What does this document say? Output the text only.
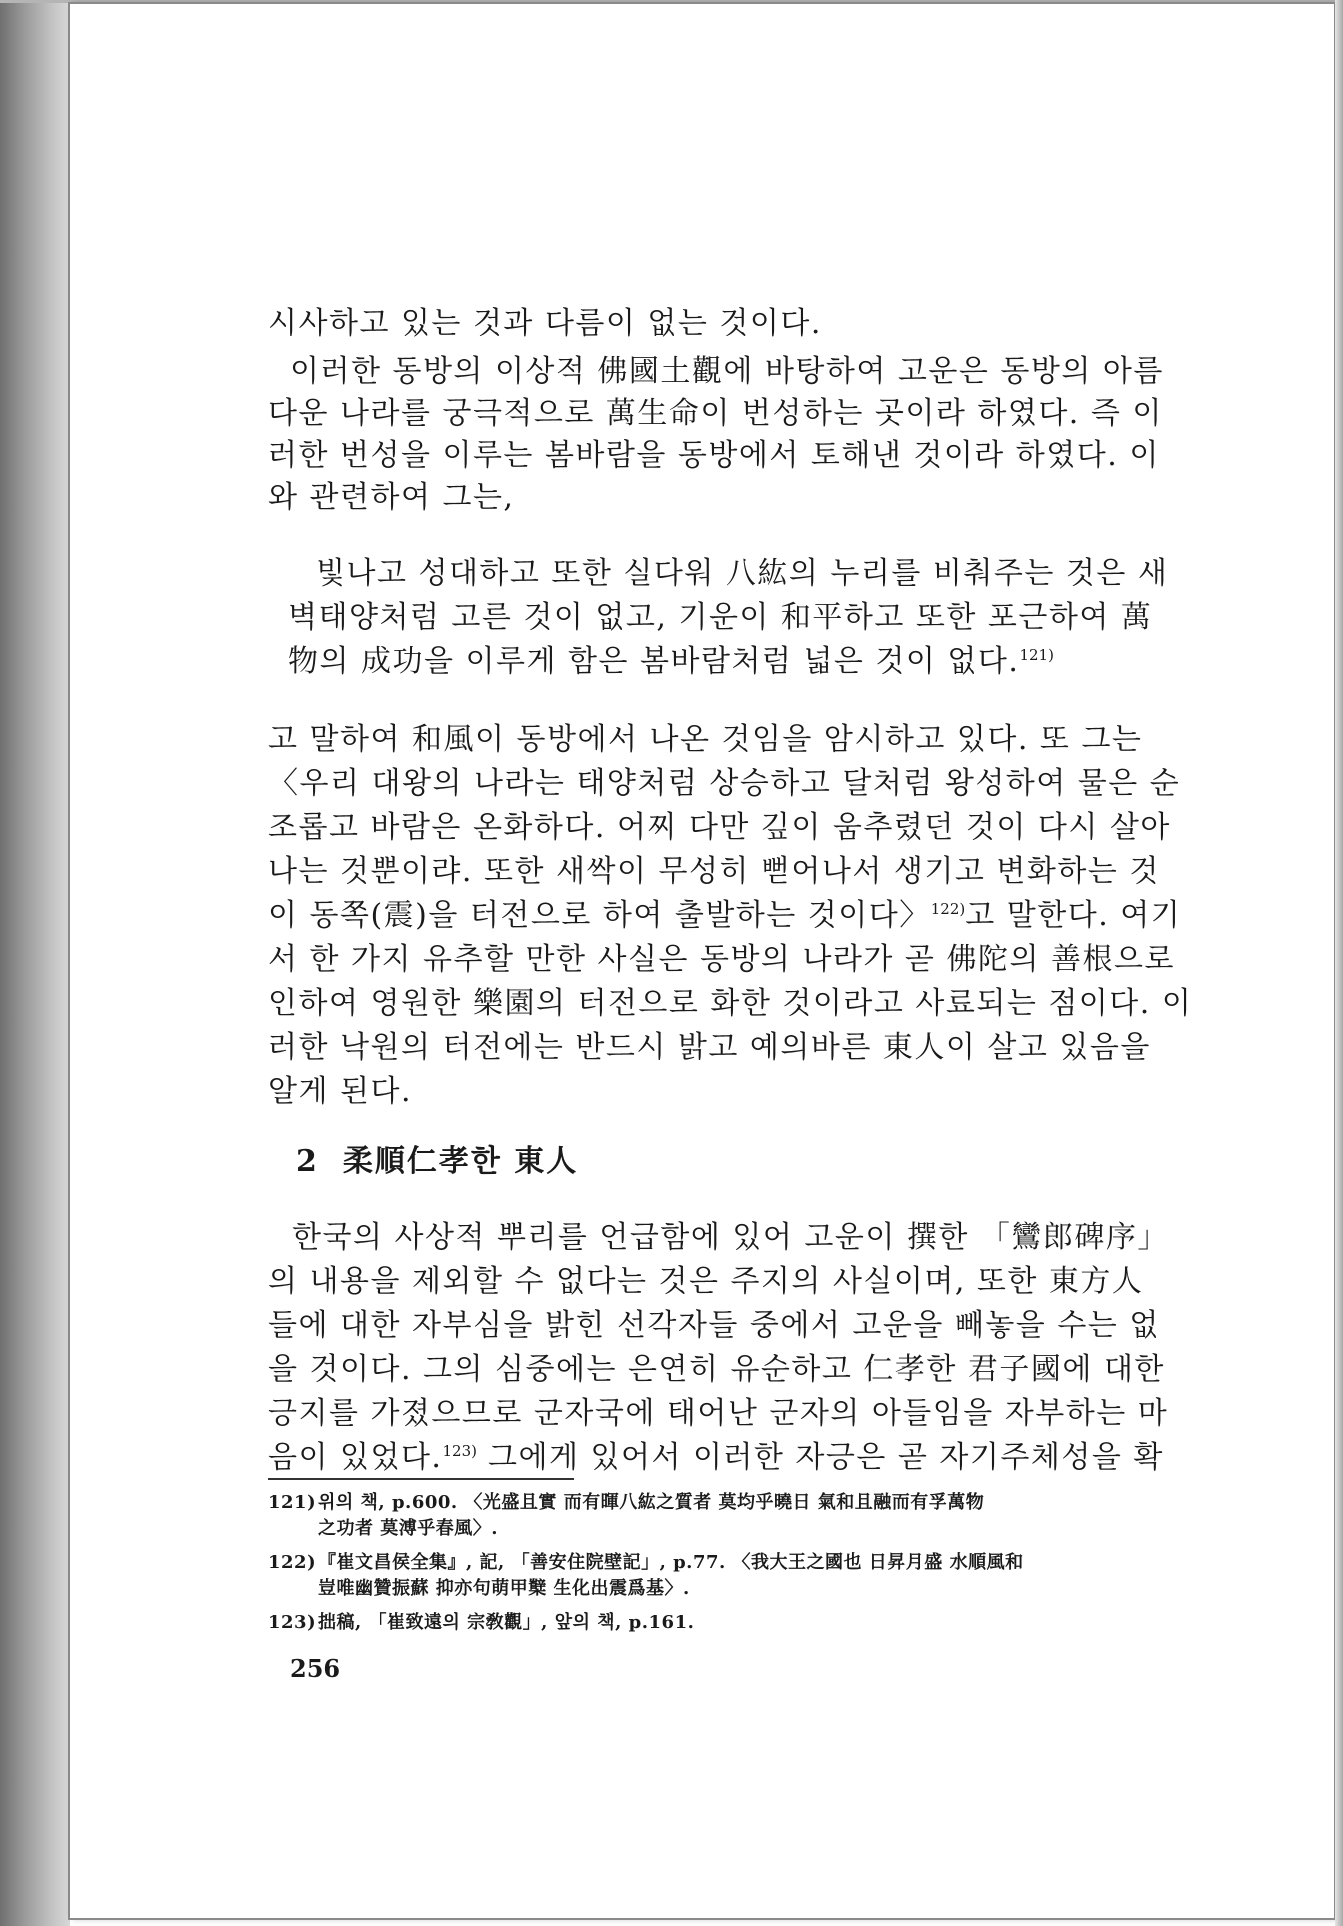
시사하고 있는 것과 다름이 없는 것이다.
이러한 동방의 이상적 佛國土觀에 바탕하여 고운은 동방의 아름
다운 나라를 궁극적으로 萬生命이 번성하는 곳이라 하였다. 즉 이
러한 번성을 이루는 봄바람을 동방에서 토해낸 것이라 하였다. 이
와 관련하여 그는,
빛나고 성대하고 또한 실다워 八紘의 누리를 비춰주는 것은 새
벽태양처럼 고른 것이 없고, 기운이 和平하고 또한 포근하여 萬
物의 成功을 이루게 함은 봄바람처럼 넓은 것이 없다.$^{121)}$
고 말하여 和風이 동방에서 나온 것임을 암시하고 있다. 또 그는
〈우리 대왕의 나라는 태양처럼 상승하고 달처럼 왕성하여 물은 순
조롭고 바람은 온화하다. 어찌 다만 깊이 움추렸던 것이 다시 살아
나는 것뿐이랴. 또한 새싹이 무성히 뻗어나서 생기고 변화하는 것
이 동쪽(震)을 터전으로 하여 출발하는 것이다〉$^{122)}$고 말한다. 여기
서 한 가지 유추할 만한 사실은 동방의 나라가 곧 佛陀의 善根으로
인하여 영원한 樂園의 터전으로 화한 것이라고 사료되는 점이다. 이
러한 낙원의 터전에는 반드시 밝고 예의바른 東人이 살고 있음을
알게 된다.
2 柔順仁孝한 東人
한국의 사상적 뿌리를 언급함에 있어 고운이 撰한 「鸞郎碑序」
의 내용을 제외할 수 없다는 것은 주지의 사실이며, 또한 東方人
들에 대한 자부심을 밝힌 선각자들 중에서 고운을 빼놓을 수는 없
을 것이다. 그의 심중에는 은연히 유순하고 仁孝한 君子國에 대한
긍지를 가졌으므로 군자국에 태어난 군자의 아들임을 자부하는 마
음이 있었다.$^{123)}$ 그에게 있어서 이러한 자긍은 곧 자기주체성을 확
121) 위의 책, p.600. 〈光盛且實 而有暉八紘之質者 莫均乎曉日 氣和且融而有孚萬物
之功者 莫溥乎春風〉.
122) 『崔文昌侯全集』, 記, 「善安住院壁記」, p.77. 〈我大王之國也 日昇月盛 水順風和
豈唯幽贊振蘇 抑亦句萌甲櫱 生化出震爲基〉.
123) 拙稿, 「崔致遠의 宗敎觀」, 앞의 책, p.161.
256
